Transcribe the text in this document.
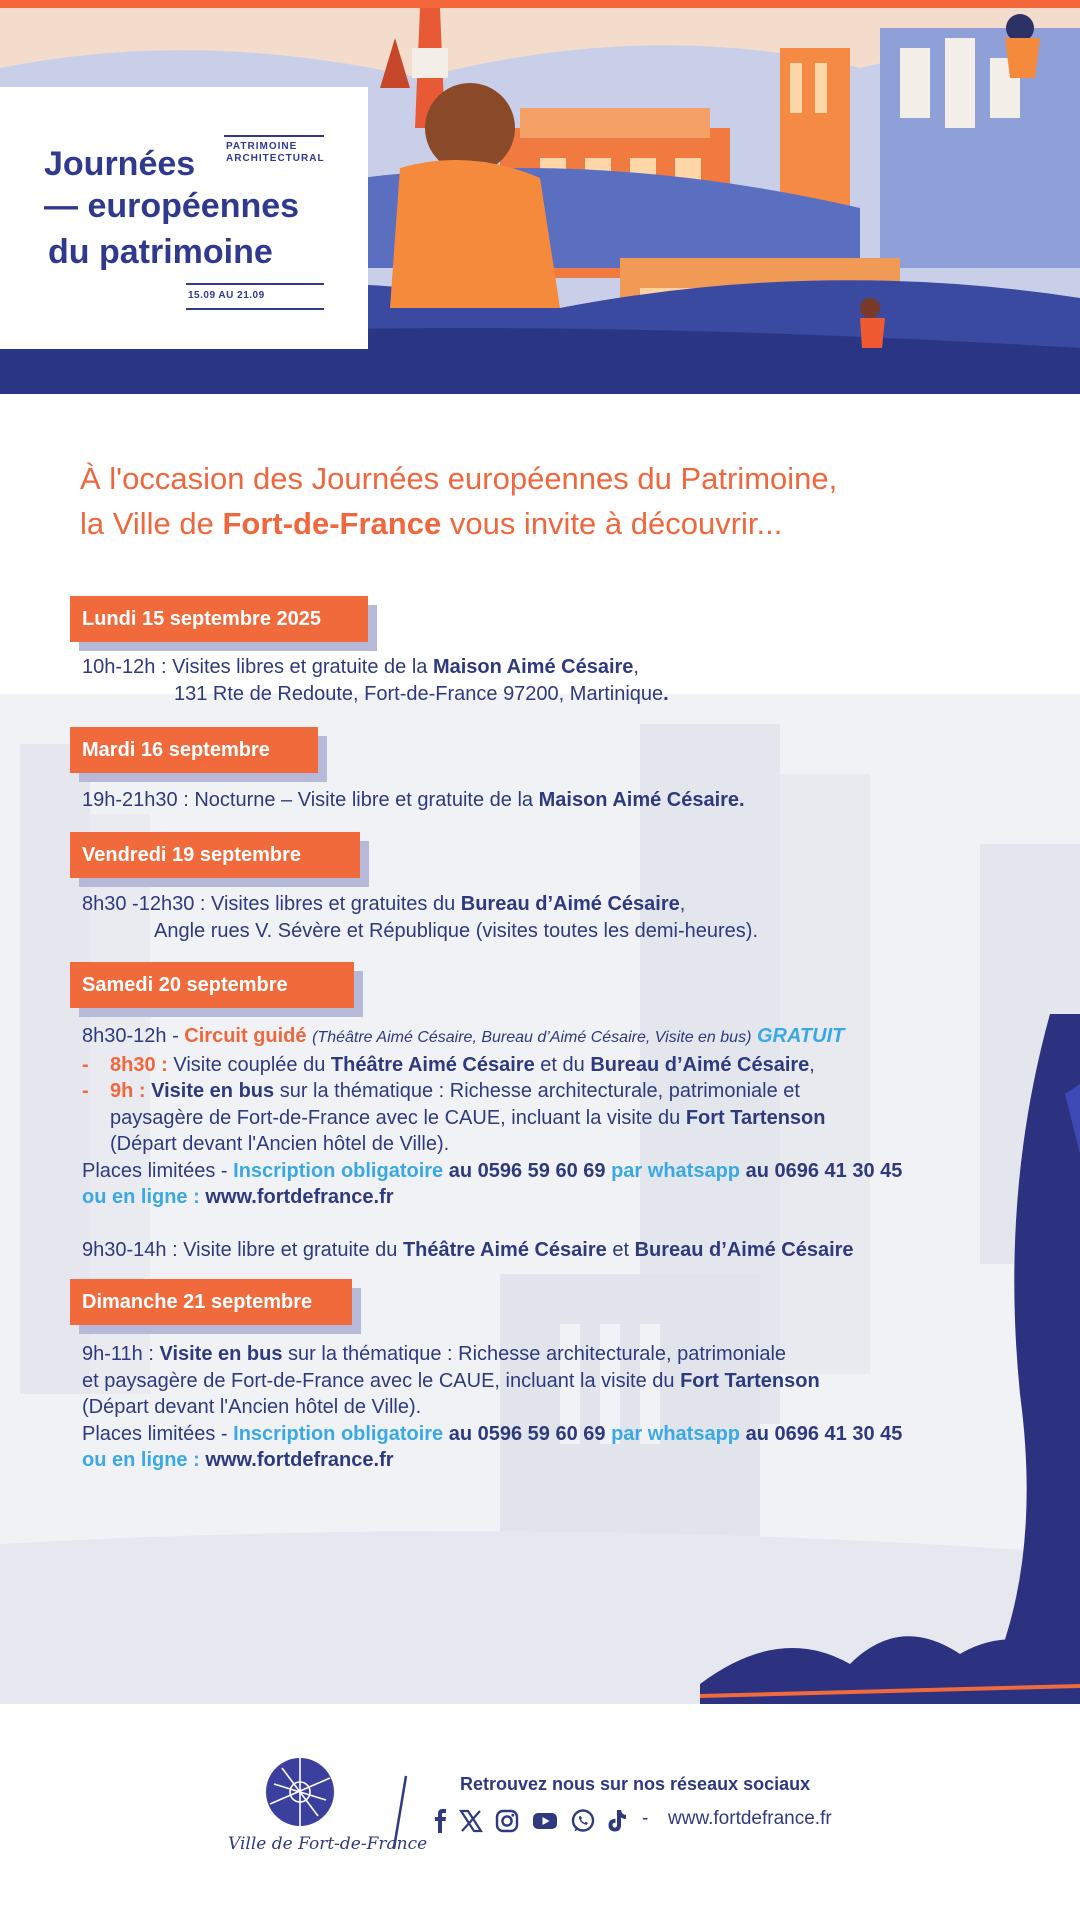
Journées
— européennes
du patrimoine
PATRIMOINE
ARCHITECTURAL
15.09 AU 21.09
À l'occasion des Journées européennes du Patrimoine,
la Ville de Fort-de-France vous invite à découvrir...
Lundi 15 septembre 2025
10h-12h : Visites libres et gratuite de la Maison Aimé Césaire,
131 Rte de Redoute, Fort-de-France 97200, Martinique.
Mardi 16 septembre
19h-21h30 : Nocturne – Visite libre et gratuite de la Maison Aimé Césaire.
Vendredi 19 septembre
8h30 -12h30 : Visites libres et gratuites du Bureau d’Aimé Césaire,
Angle rues V. Sévère et République (visites toutes les demi-heures).
Samedi 20 septembre
8h30-12h - Circuit guidé (Théâtre Aimé Césaire, Bureau d’Aimé Césaire, Visite en bus) GRATUIT
- 8h30 : Visite couplée du Théâtre Aimé Césaire et du Bureau d’Aimé Césaire,
- 9h : Visite en bus sur la thématique : Richesse architecturale, patrimoniale et
paysagère de Fort-de-France avec le CAUE, incluant la visite du Fort Tartenson
(Départ devant l'Ancien hôtel de Ville).
Places limitées - Inscription obligatoire au 0596 59 60 69 par whatsapp au 0696 41 30 45
ou en ligne : www.fortdefrance.fr
9h30-14h : Visite libre et gratuite du Théâtre Aimé Césaire et Bureau d’Aimé Césaire
Dimanche 21 septembre
9h-11h : Visite en bus sur la thématique : Richesse architecturale, patrimoniale
et paysagère de Fort-de-France avec le CAUE, incluant la visite du Fort Tartenson
(Départ devant l'Ancien hôtel de Ville).
Places limitées - Inscription obligatoire au 0596 59 60 69 par whatsapp au 0696 41 30 45
ou en ligne : www.fortdefrance.fr
Ville de Fort-de-France
Retrouvez nous sur nos réseaux sociaux
- www.fortdefrance.fr
